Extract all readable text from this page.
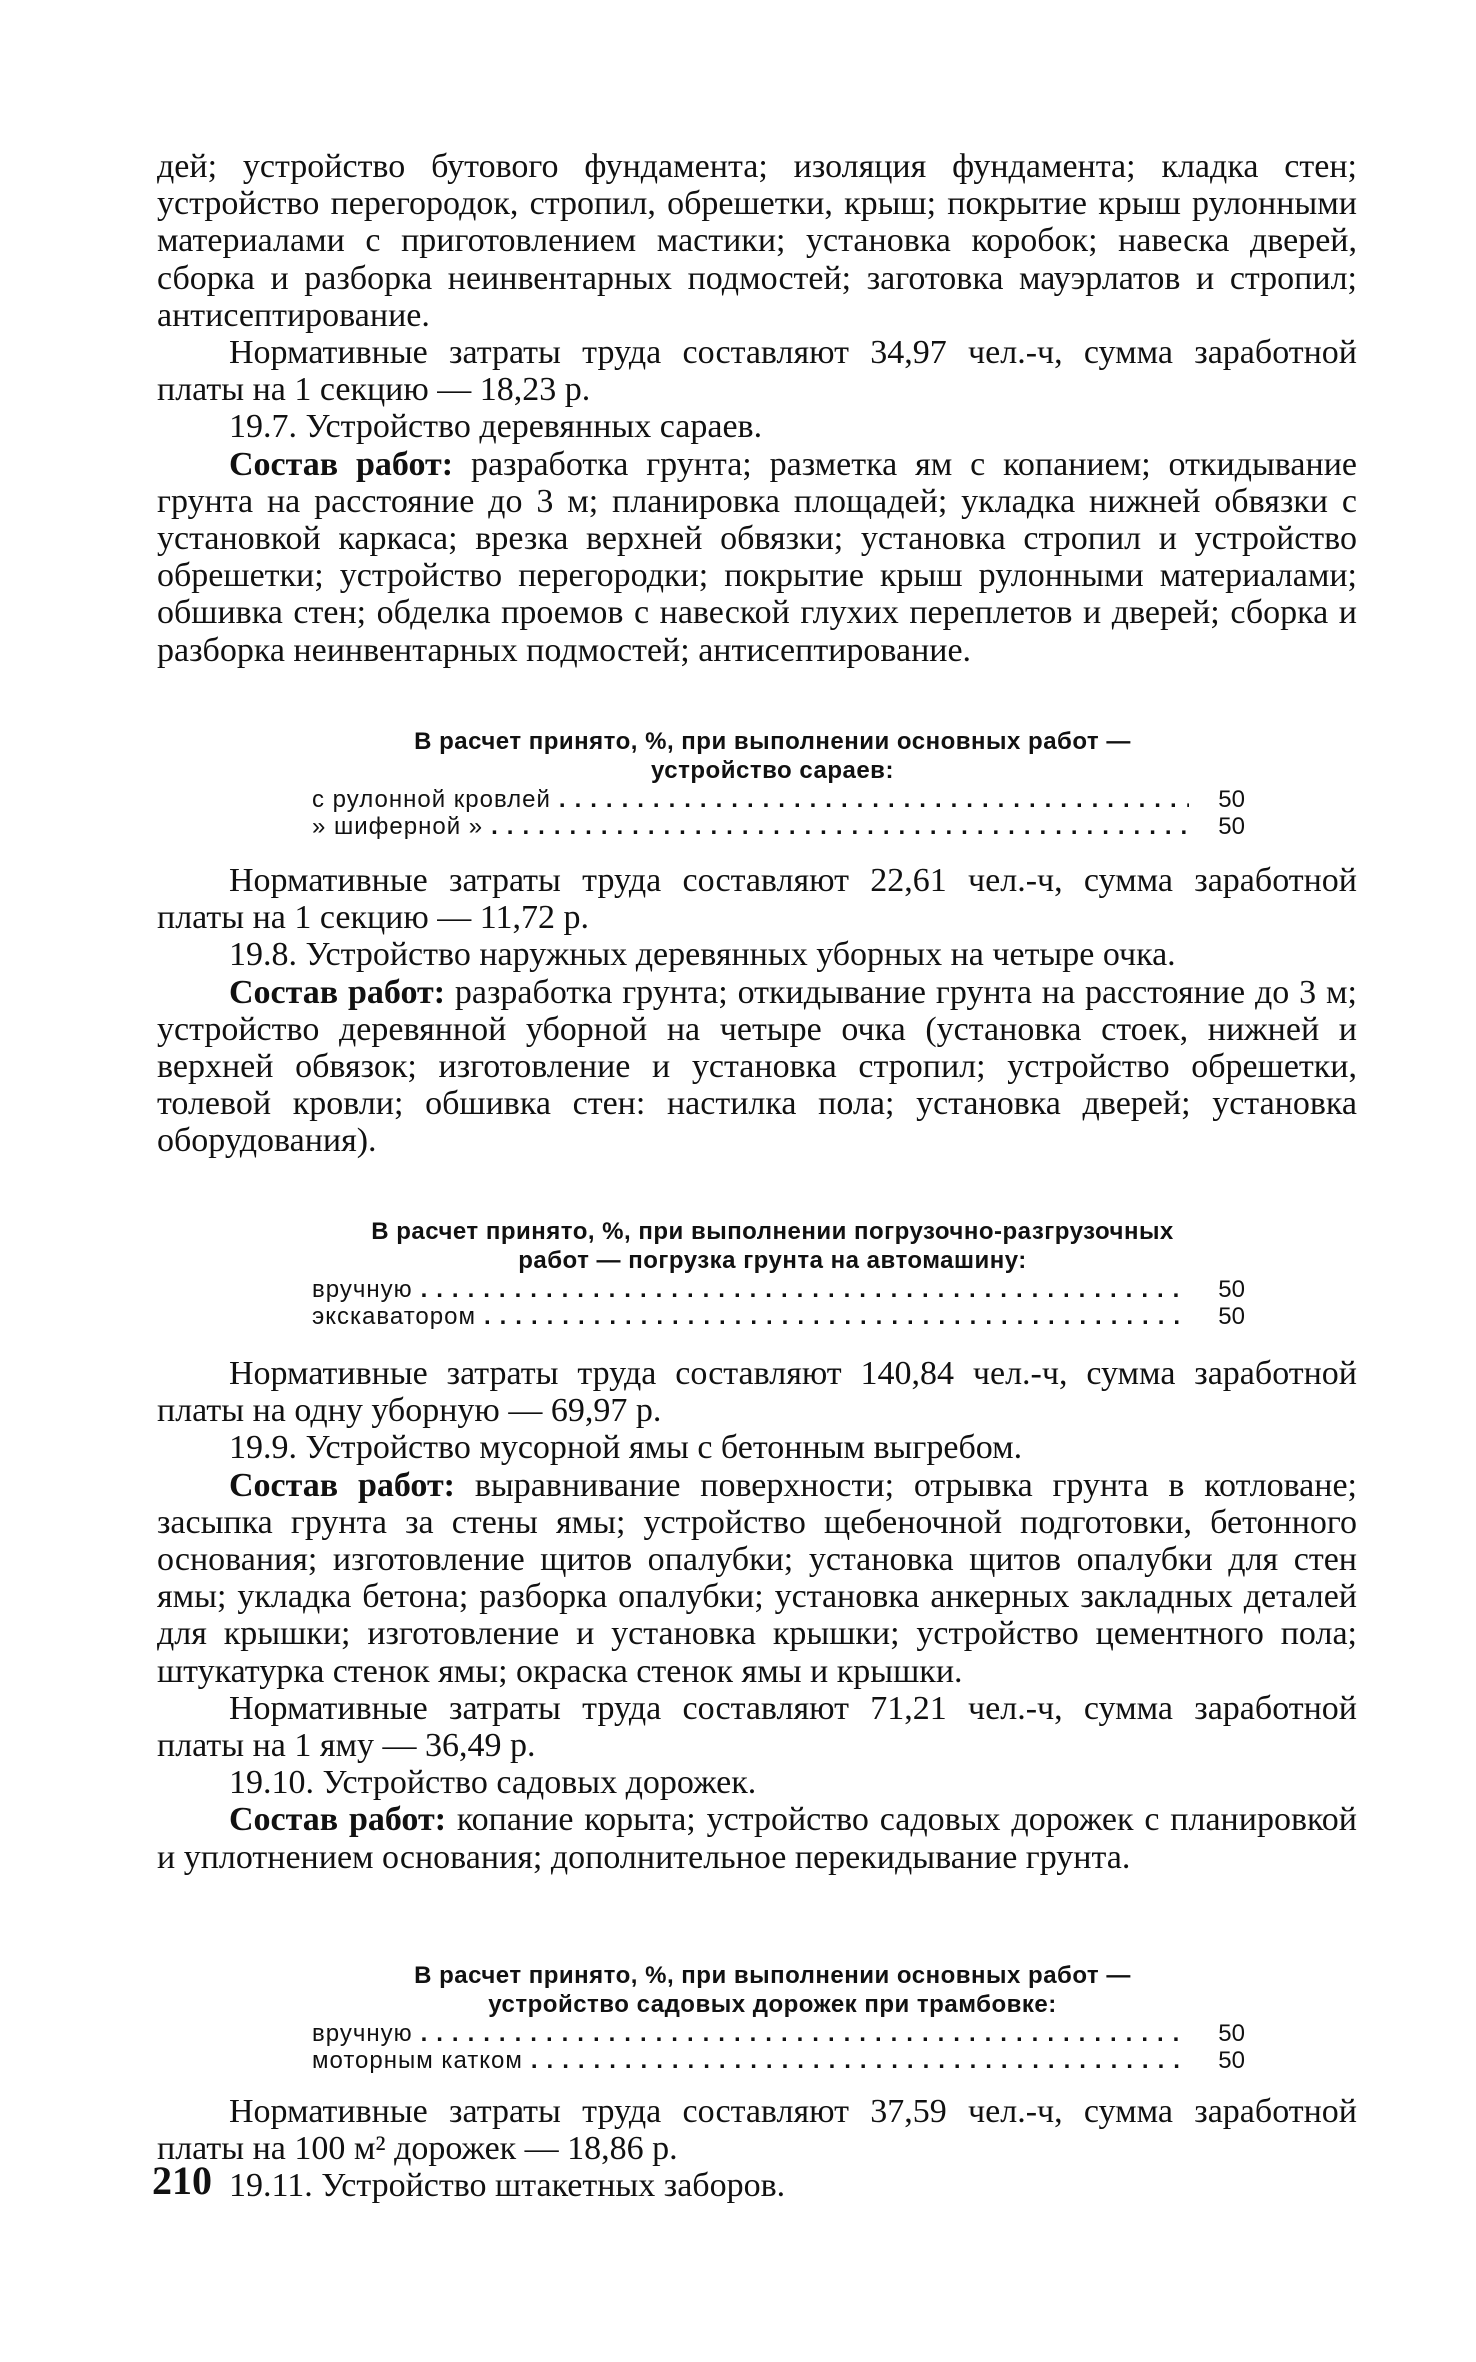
дей; устройство бутового фундамента; изоляция фундамента; кладка стен; устройство перегородок, стропил, обрешетки, крыш; покрытие крыш рулонными материалами с приготовлением мастики; установка коробок; навеска дверей, сборка и разборка неинвентарных подмостей; заготовка мауэрлатов и стропил; антисептирование.

Нормативные затраты труда составляют 34,97 чел.-ч, сумма заработной платы на 1 секцию — 18,23 р.

19.7. Устройство деревянных сараев.

Состав работ: разработка грунта; разметка ям с копанием; откидывание грунта на расстояние до 3 м; планировка площадей; укладка нижней обвязки с установкой каркаса; врезка верхней обвязки; установка стропил и устройство обрешетки; устройство перегородки; покрытие крыш рулонными материалами; обшивка стен; обделка проемов с навеской глухих переплетов и дверей; сборка и разборка неинвентарных подмостей; антисептирование.

В расчет принято, %, при выполнении основных работ —
устройство сараев:
с рулонной кровлей .....	50
» шиферной » .....	50

Нормативные затраты труда составляют 22,61 чел.-ч, сумма заработной платы на 1 секцию — 11,72 р.

19.8. Устройство наружных деревянных уборных на четыре очка.

Состав работ: разработка грунта; откидывание грунта на расстояние до 3 м; устройство деревянной уборной на четыре очка (установка стоек, нижней и верхней обвязок; изготовление и установка стропил; устройство обрешетки, толевой кровли; обшивка стен: настилка пола; установка дверей; установка оборудования).

В расчет принято, %, при выполнении погрузочно-разгрузочных
работ — погрузка грунта на автомашину:
вручную .....	50
экскаватором .....	50

Нормативные затраты труда составляют 140,84 чел.-ч, сумма заработной платы на одну уборную — 69,97 р.

19.9. Устройство мусорной ямы с бетонным выгребом.

Состав работ: выравнивание поверхности; отрывка грунта в котловане; засыпка грунта за стены ямы; устройство щебеночной подготовки, бетонного основания; изготовление щитов опалубки; установка щитов опалубки для стен ямы; укладка бетона; разборка опалубки; установка анкерных закладных деталей для крышки; изготовление и установка крышки; устройство цементного пола; штукатурка стенок ямы; окраска стенок ямы и крышки.

Нормативные затраты труда составляют 71,21 чел.-ч, сумма заработной платы на 1 яму — 36,49 р.

19.10. Устройство садовых дорожек.

Состав работ: копание корыта; устройство садовых дорожек с планировкой и уплотнением основания; дополнительное перекидывание грунта.

В расчет принято, %, при выполнении основных работ —
устройство садовых дорожек при трамбовке:
вручную .....	50
моторным катком .....	50

Нормативные затраты труда составляют 37,59 чел.-ч, сумма заработной платы на 100 м² дорожек — 18,86 р.

19.11. Устройство штакетных заборов.

210
